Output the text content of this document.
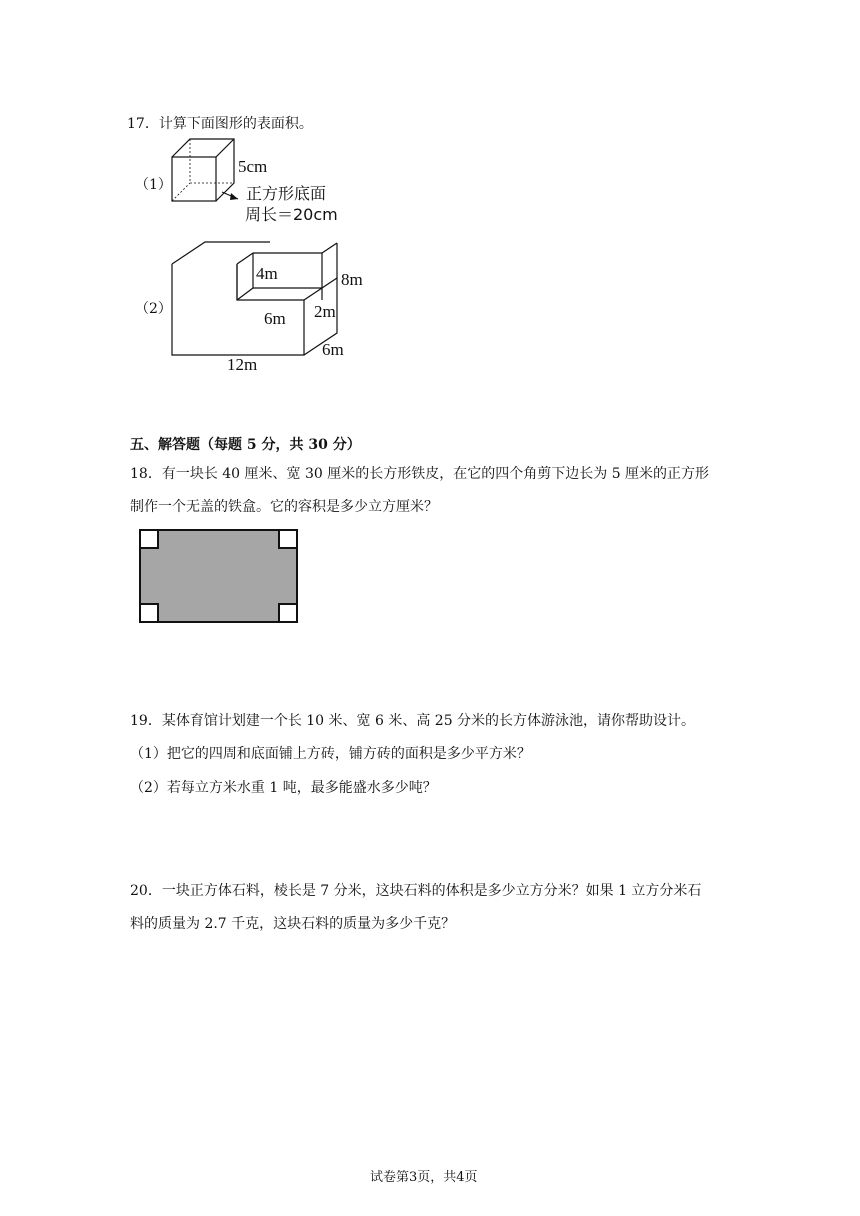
17．计算下面图形的表面积。
（1）
5cm
正方形底面
周长＝20cm
4m	8m
6m 2m
6m
12m
（2）
五、解答题（每题 5 分，共 30 分）
18．有一块长 40 厘米、宽 30 厘米的长方形铁皮，在它的四个角剪下边长为 5 厘米的正方形
制作一个无盖的铁盒。它的容积是多少立方厘米？
19．某体育馆计划建一个长 10 米、宽 6 米、高 25 分米的长方体游泳池，请你帮助设计。
（1）把它的四周和底面铺上方砖，铺方砖的面积是多少平方米？
（2）若每立方米水重 1 吨，最多能盛水多少吨？
20．一块正方体石料，棱长是 7 分米，这块石料的体积是多少立方分米？如果 1 立方分米石
料的质量为 2.7 千克，这块石料的质量为多少千克？
试卷第3页，共4页
